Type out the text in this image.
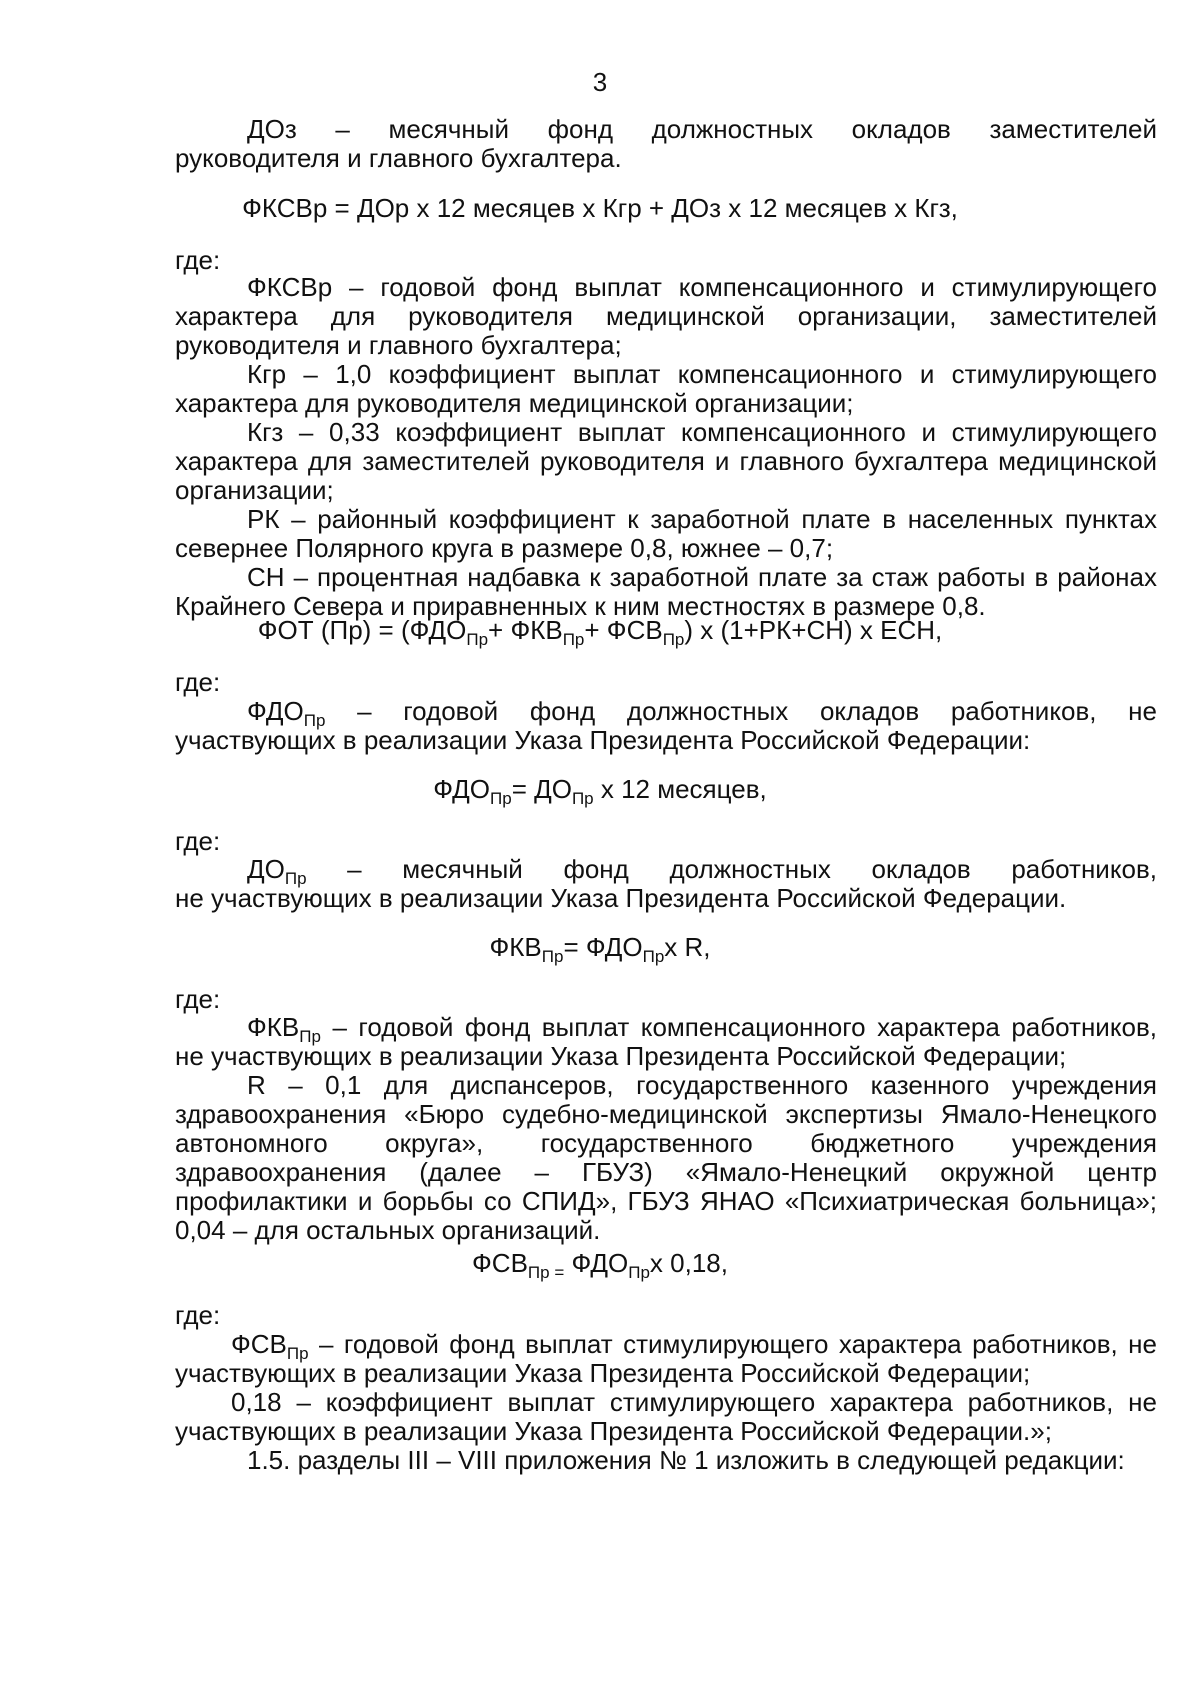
3

ДОз – месячный фонд должностных окладов заместителей

руководителя и главного бухгалтера.

ФКСВр = ДОр х 12 месяцев х Кгр + ДОз х 12 месяцев х Кгз,

где:

ФКСВр – годовой фонд выплат компенсационного и стимулирующего характера для руководителя медицинской организации, заместителей руководителя и главного бухгалтера;

Кгр – 1,0 коэффициент выплат компенсационного и стимулирующего характера для руководителя медицинской организации;

Кгз – 0,33 коэффициент выплат компенсационного и стимулирующего характера для заместителей руководителя и главного бухгалтера медицинской организации;

РК – районный коэффициент к заработной плате в населенных пунктах севернее Полярного круга в размере 0,8, южнее – 0,7;

СН – процентная надбавка к заработной плате за стаж работы в районах Крайнего Севера и приравненных к ним местностях в размере 0,8.

ФОТ $(Пр) = (ФДО_{Пр}+ ФКВ_{Пр}+ ФСВ_{Пр})$ х (1+РК+СН) х ЕСН,

где:

$ФДО_{Пр}$ – годовой фонд должностных окладов работников, не

участвующих в реализации Указа Президента Российской Федерации:

$ФДО_{Пр}= ДО_{Пр}$ х 12 месяцев,

где:

$ДО_{Пр}$ – месячный фонд должностных окладов работников,

не участвующих в реализации Указа Президента Российской Федерации.

$ФКВ_{Пр}= ФДО_{Пр}х$ R,

где:

$ФКВ_{Пр}$ – годовой фонд выплат компенсационного характера работников,

не участвующих в реализации Указа Президента Российской Федерации;

R – 0,1 для диспансеров, государственного казенного учреждения здравоохранения «Бюро судебно-медицинской экспертизы Ямало-Ненецкого автономного округа», государственного бюджетного учреждения здравоохранения (далее – ГБУЗ) «Ямало-Ненецкий окружной центр профилактики и борьбы со СПИД», ГБУЗ ЯНАО «Психиатрическая больница»; 0,04 – для остальных организаций.

$ФСВ_{Пр =}$ $ФДО_{Пр}х$ 0,18,

где:

$ФСВ_{Пр}$ – годовой фонд выплат стимулирующего характера работников, не

участвующих в реализации Указа Президента Российской Федерации;

0,18 – коэффициент выплат стимулирующего характера работников, не

участвующих в реализации Указа Президента Российской Федерации.»;

1.5. разделы III – VIII приложения № 1 изложить в следующей редакции:
